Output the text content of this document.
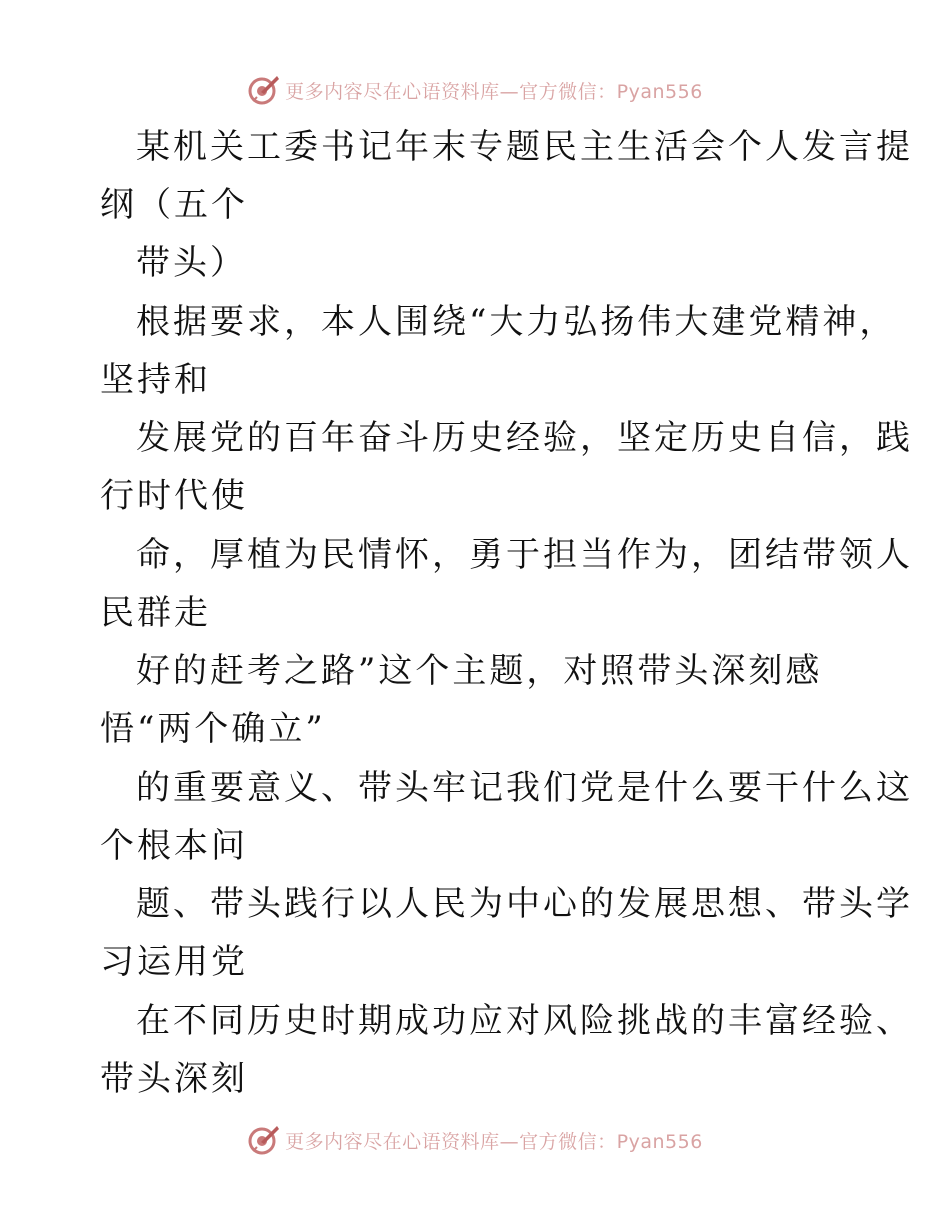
更多内容尽在心语资料库—官方微信：Pyan556
某机关工委书记年末专题民主生活会个人发言提
纲（五个
带头）
根据要求，本人围绕“大力弘扬伟大建党精神，
坚持和
发展党的百年奋斗历史经验，坚定历史自信，践
行时代使
命，厚植为民情怀，勇于担当作为，团结带领人
民群走
好的赶考之路”这个主题，对照带头深刻感
悟“两个确立”
的重要意义、带头牢记我们党是什么要干什么这
个根本问
题、带头践行以人民为中心的发展思想、带头学
习运用党
在不同历史时期成功应对风险挑战的丰富经验、
带头深刻
更多内容尽在心语资料库—官方微信：Pyan556
